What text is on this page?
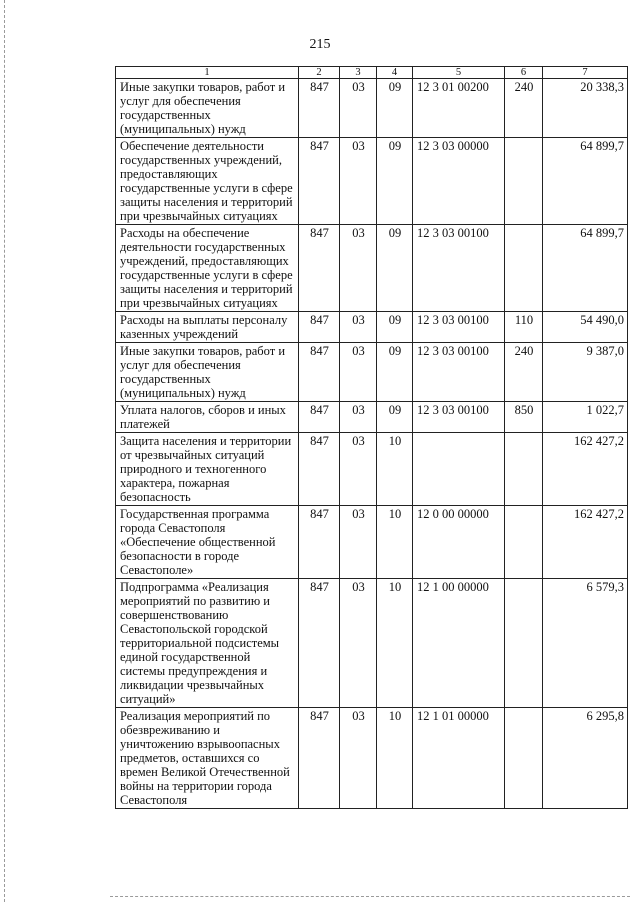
215
1	2	3	4	5	6	7
Иные закупки товаров, работ и услуг для обеспечения государственных (муниципальных) нужд	847	03	09	12 3 01 00200	240	20 338,3
Обеспечение деятельности государственных учреждений, предоставляющих государственные услуги в сфере защиты населения и территорий при чрезвычайных ситуациях	847	03	09	12 3 03 00000		64 899,7
Расходы на обеспечение деятельности государственных учреждений, предоставляющих государственные услуги в сфере защиты населения и территорий при чрезвычайных ситуациях	847	03	09	12 3 03 00100		64 899,7
Расходы на выплаты персоналу казенных учреждений	847	03	09	12 3 03 00100	110	54 490,0
Иные закупки товаров, работ и услуг для обеспечения государственных (муниципальных) нужд	847	03	09	12 3 03 00100	240	9 387,0
Уплата налогов, сборов и иных платежей	847	03	09	12 3 03 00100	850	1 022,7
Защита населения и территории от чрезвычайных ситуаций природного и техногенного характера, пожарная безопасность	847	03	10			162 427,2
Государственная программа города Севастополя «Обеспечение общественной безопасности в городе Севастополе»	847	03	10	12 0 00 00000		162 427,2
Подпрограмма «Реализация мероприятий по развитию и совершенствованию Севастопольской городской территориальной подсистемы единой государственной системы предупреждения и ликвидации чрезвычайных ситуаций»	847	03	10	12 1 00 00000		6 579,3
Реализация мероприятий по обезвреживанию и уничтожению взрывоопасных предметов, оставшихся со времен Великой Отечественной войны на территории города Севастополя	847	03	10	12 1 01 00000		6 295,8
